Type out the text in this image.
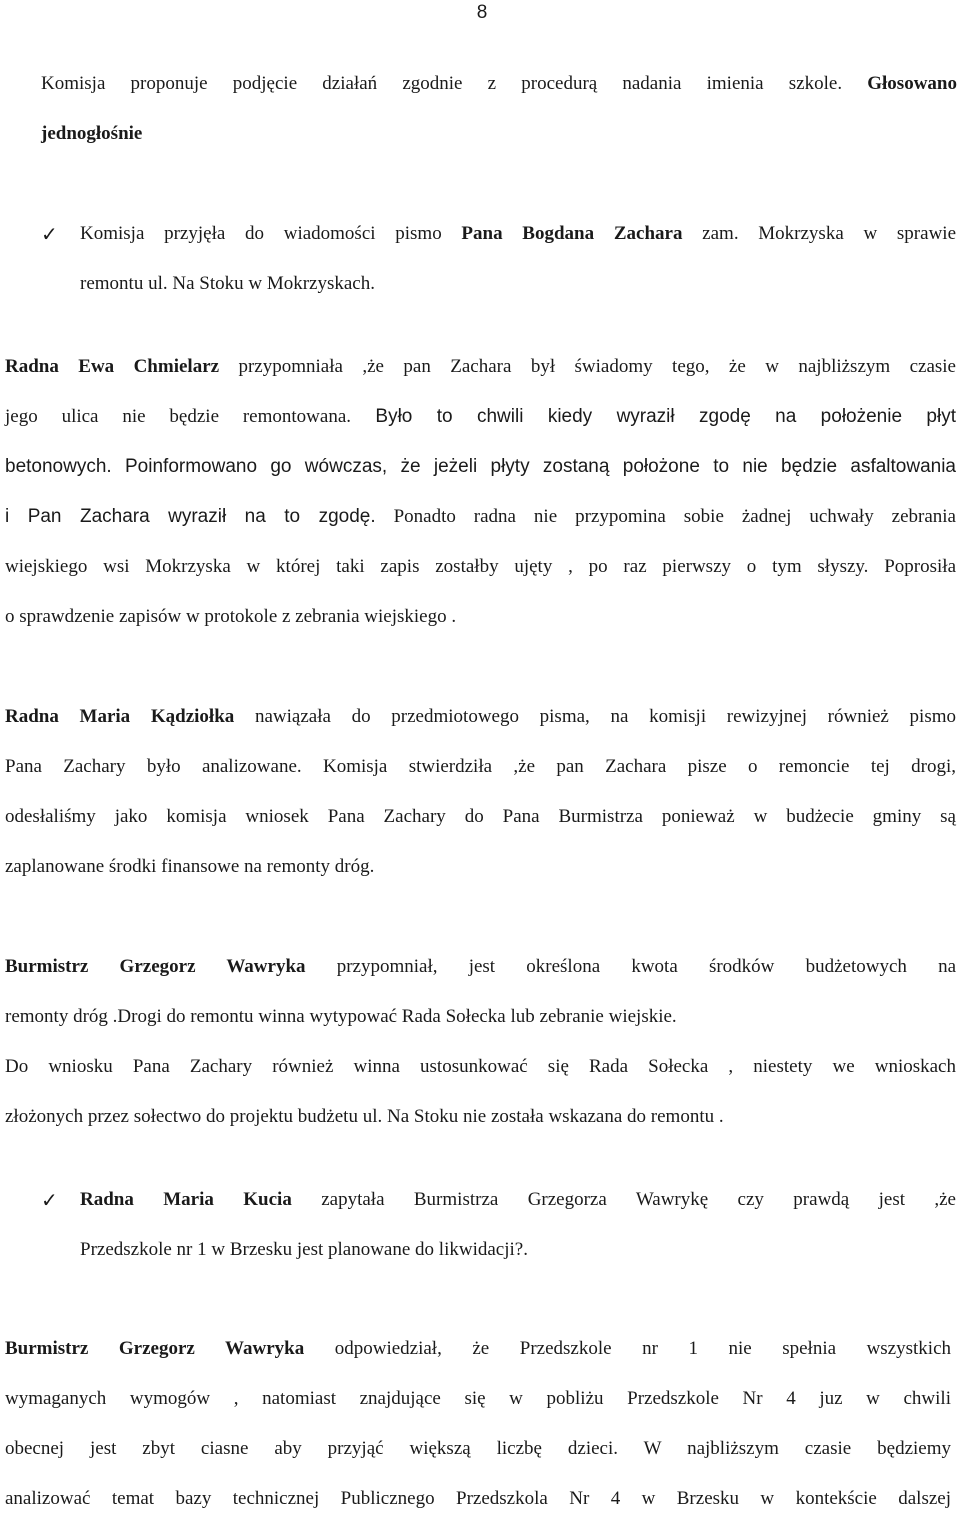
8
Komisja proponuje podjęcie działań zgodnie z procedurą nadania imienia szkole. Głosowano
jednogłośnie
✓ Komisja przyjęła do wiadomości pismo Pana Bogdana Zachara zam. Mokrzyska w sprawie
remontu ul. Na Stoku w Mokrzyskach.
Radna Ewa Chmielarz przypomniała ,że pan Zachara był świadomy tego, że w najbliższym czasie
jego ulica nie będzie remontowana. Było to chwili kiedy wyraził zgodę na położenie płyt
betonowych. Poinformowano go wówczas, że jeżeli płyty zostaną położone to nie będzie asfaltowania
i Pan Zachara wyraził na to zgodę. Ponadto radna nie przypomina sobie żadnej uchwały zebrania
wiejskiego wsi Mokrzyska w której taki zapis zostałby ujęty , po raz pierwszy o tym słyszy. Poprosiła
o sprawdzenie zapisów w protokole z zebrania wiejskiego .
Radna Maria Kądziołka nawiązała do przedmiotowego pisma, na komisji rewizyjnej również pismo
Pana Zachary było analizowane. Komisja stwierdziła ,że pan Zachara pisze o remoncie tej drogi,
odesłaliśmy jako komisja wniosek Pana Zachary do Pana Burmistrza ponieważ w budżecie gminy są
zaplanowane środki finansowe na remonty dróg.
Burmistrz Grzegorz Wawryka przypomniał, jest określona kwota środków budżetowych na
remonty dróg .Drogi do remontu winna wytypować Rada Sołecka lub zebranie wiejskie.
Do wniosku Pana Zachary również winna ustosunkować się Rada Sołecka , niestety we wnioskach
złożonych przez sołectwo do projektu budżetu ul. Na Stoku nie została wskazana do remontu .
✓ Radna Maria Kucia zapytała Burmistrza Grzegorza Wawrykę czy prawdą jest ,że
Przedszkole nr 1 w Brzesku jest planowane do likwidacji?.
Burmistrz Grzegorz Wawryka odpowiedział, że Przedszkole nr 1 nie spełnia wszystkich
wymaganych wymogów , natomiast znajdujące się w pobliżu Przedszkole Nr 4 juz w chwili
obecnej jest zbyt ciasne aby przyjąć większą liczbę dzieci. W najbliższym czasie będziemy
analizować temat bazy technicznej Publicznego Przedszkola Nr 4 w Brzesku w kontekście dalszej
